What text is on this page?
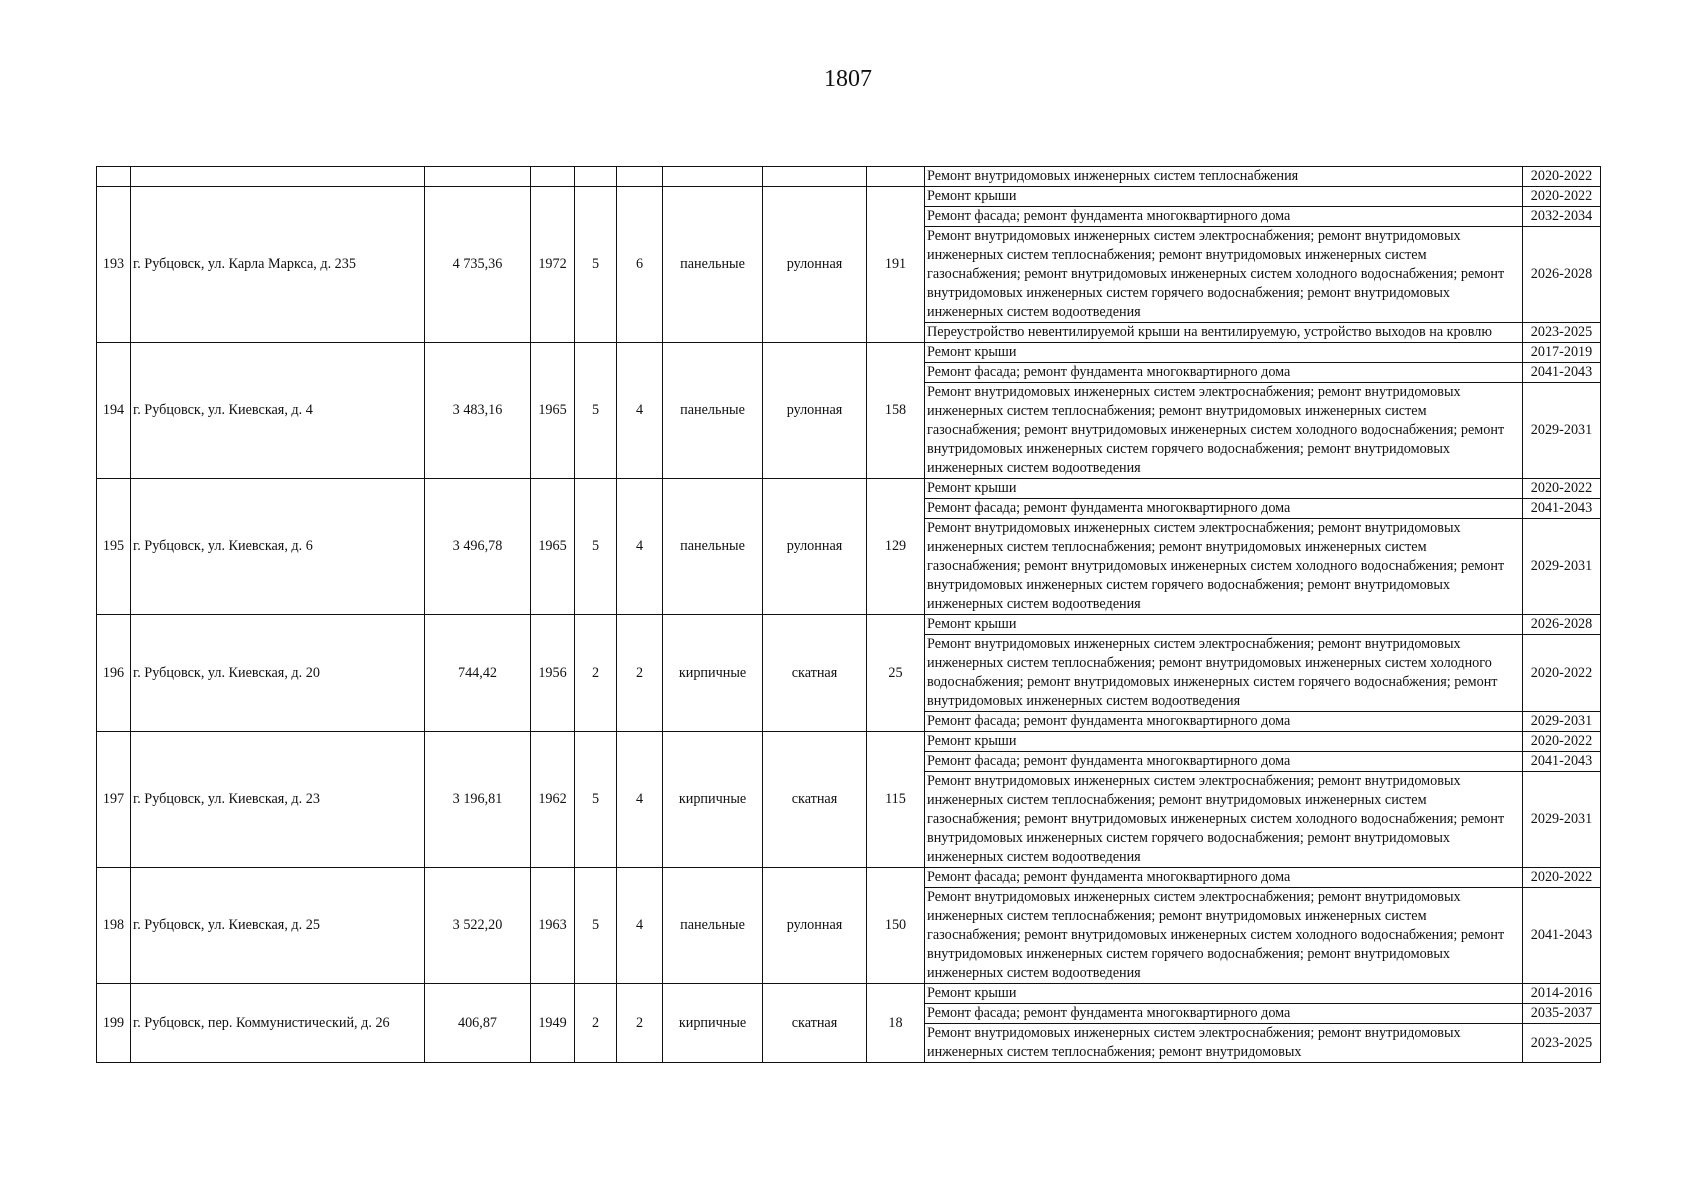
1807
									Ремонт внутридомовых инженерных систем теплоснабжения	2020-2022
193	г. Рубцовск, ул. Карла Маркса, д. 235	4 735,36	1972	5	6	панельные	рулонная	191	Ремонт крыши	2020-2022
									Ремонт фасада; ремонт фундамента многоквартирного дома	2032-2034
									Ремонт внутридомовых инженерных систем электроснабжения; ремонт внутридомовых инженерных систем теплоснабжения; ремонт внутридомовых инженерных систем газоснабжения; ремонт внутридомовых инженерных систем холодного водоснабжения; ремонт внутридомовых инженерных систем горячего водоснабжения; ремонт внутридомовых инженерных систем водоотведения	2026-2028
									Переустройство невентилируемой крыши на вентилируемую, устройство выходов на кровлю	2023-2025
194	г. Рубцовск, ул. Киевская, д. 4	3 483,16	1965	5	4	панельные	рулонная	158	Ремонт крыши	2017-2019
									Ремонт фасада; ремонт фундамента многоквартирного дома	2041-2043
									Ремонт внутридомовых инженерных систем электроснабжения; ремонт внутридомовых инженерных систем теплоснабжения; ремонт внутридомовых инженерных систем газоснабжения; ремонт внутридомовых инженерных систем холодного водоснабжения; ремонт внутридомовых инженерных систем горячего водоснабжения; ремонт внутридомовых инженерных систем водоотведения	2029-2031
195	г. Рубцовск, ул. Киевская, д. 6	3 496,78	1965	5	4	панельные	рулонная	129	Ремонт крыши	2020-2022
									Ремонт фасада; ремонт фундамента многоквартирного дома	2041-2043
									Ремонт внутридомовых инженерных систем электроснабжения; ремонт внутридомовых инженерных систем теплоснабжения; ремонт внутридомовых инженерных систем газоснабжения; ремонт внутридомовых инженерных систем холодного водоснабжения; ремонт внутридомовых инженерных систем горячего водоснабжения; ремонт внутридомовых инженерных систем водоотведения	2029-2031
196	г. Рубцовск, ул. Киевская, д. 20	744,42	1956	2	2	кирпичные	скатная	25	Ремонт крыши	2026-2028
									Ремонт внутридомовых инженерных систем электроснабжения; ремонт внутридомовых инженерных систем теплоснабжения; ремонт внутридомовых инженерных систем холодного водоснабжения; ремонт внутридомовых инженерных систем горячего водоснабжения; ремонт внутридомовых инженерных систем водоотведения	2020-2022
									Ремонт фасада; ремонт фундамента многоквартирного дома	2029-2031
197	г. Рубцовск, ул. Киевская, д. 23	3 196,81	1962	5	4	кирпичные	скатная	115	Ремонт крыши	2020-2022
									Ремонт фасада; ремонт фундамента многоквартирного дома	2041-2043
									Ремонт внутридомовых инженерных систем электроснабжения; ремонт внутридомовых инженерных систем теплоснабжения; ремонт внутридомовых инженерных систем газоснабжения; ремонт внутридомовых инженерных систем холодного водоснабжения; ремонт внутридомовых инженерных систем горячего водоснабжения; ремонт внутридомовых инженерных систем водоотведения	2029-2031
198	г. Рубцовск, ул. Киевская, д. 25	3 522,20	1963	5	4	панельные	рулонная	150	Ремонт фасада; ремонт фундамента многоквартирного дома	2020-2022
									Ремонт внутридомовых инженерных систем электроснабжения; ремонт внутридомовых инженерных систем теплоснабжения; ремонт внутридомовых инженерных систем газоснабжения; ремонт внутридомовых инженерных систем холодного водоснабжения; ремонт внутридомовых инженерных систем горячего водоснабжения; ремонт внутридомовых инженерных систем водоотведения	2041-2043
199	г. Рубцовск, пер. Коммунистический, д. 26	406,87	1949	2	2	кирпичные	скатная	18	Ремонт крыши	2014-2016
									Ремонт фасада; ремонт фундамента многоквартирного дома	2035-2037
									Ремонт внутридомовых инженерных систем электроснабжения; ремонт внутридомовых инженерных систем теплоснабжения; ремонт внутридомовых	2023-2025
